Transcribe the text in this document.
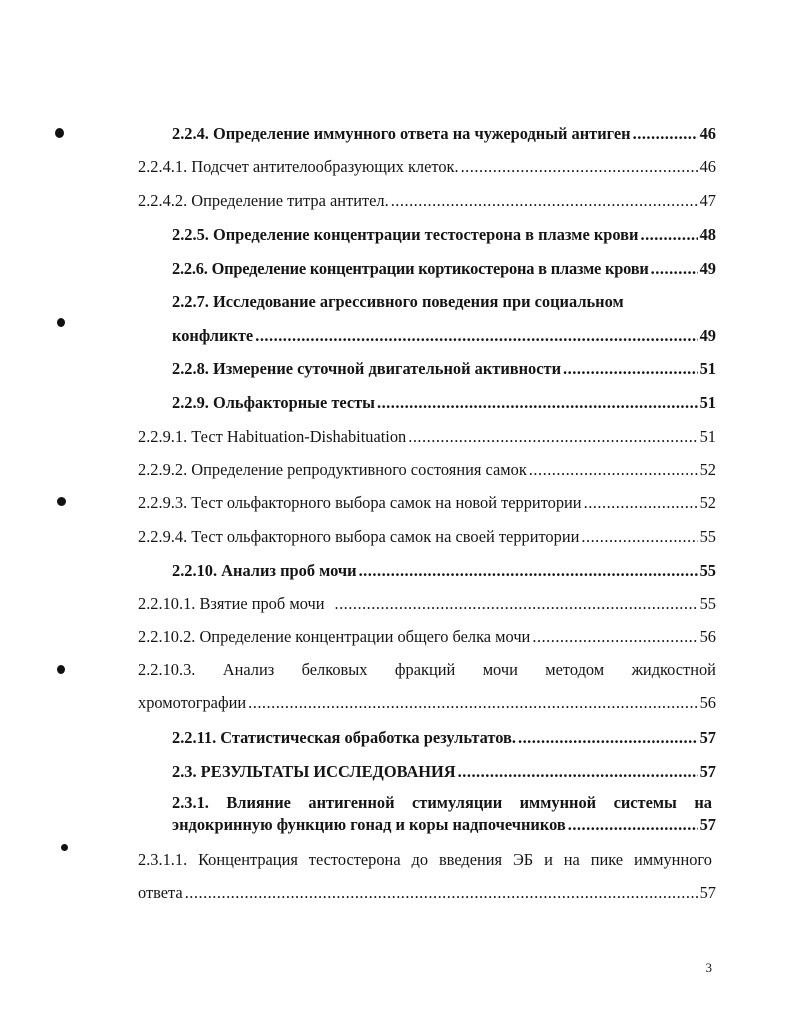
2.2.4. Определение иммунного ответа на чужеродный антиген .....	46
2.2.4.1. Подсчет антителообразующих клеток. .....	46
2.2.4.2. Определение титра антител. .....	47
2.2.5. Определение концентрации тестостерона в плазме крови .....	48
2.2.6. Определение концентрации кортикостерона в плазме крови .....	49
2.2.7. Исследование агрессивного поведения при социальном
конфликте .....	49
2.2.8. Измерение суточной двигательной активности .....	51
2.2.9. Ольфакторные тесты .....	51
2.2.9.1. Тест Habituation-Dishabituation .....	51
2.2.9.2. Определение репродуктивного состояния самок .....	52
2.2.9.3. Тест ольфакторного выбора самок на новой территории .....	52
2.2.9.4. Тест ольфакторного выбора самок на своей территории .....	55
2.2.10. Анализ проб мочи .....	55
2.2.10.1. Взятие проб мочи .....	55
2.2.10.2. Определение концентрации общего белка мочи .....	56
2.2.10.3. Анализ белковых фракций мочи методом жидкостной
хромотографии .....	56
2.2.11. Статистическая обработка результатов. .....	57
2.3. РЕЗУЛЬТАТЫ ИССЛЕДОВАНИЯ .....	57
2.3.1. Влияние антигенной стимуляции иммунной системы на
эндокринную функцию гонад и коры надпочечников .....	57
2.3.1.1. Концентрация тестостерона до введения ЭБ и на пике иммунного
ответа .....	57
3
